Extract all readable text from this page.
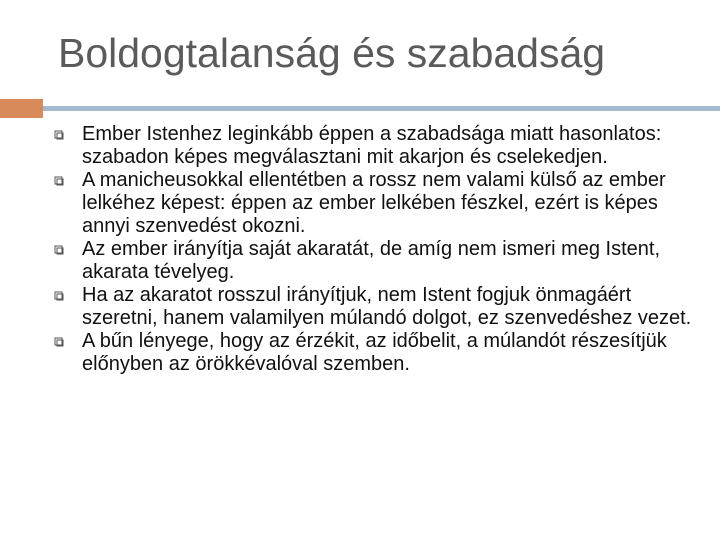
Boldogtalanság és szabadság
Ember Istenhez leginkább éppen a szabadsága miatt hasonlatos: szabadon képes megválasztani mit akarjon és cselekedjen.
A manicheusokkal ellentétben a rossz nem valami külső az ember lelkéhez képest: éppen az ember lelkében fészkel, ezért is képes annyi szenvedést okozni.
Az ember irányítja saját akaratát, de amíg nem ismeri meg Istent, akarata tévelyeg.
Ha az akaratot rosszul irányítjuk, nem Istent fogjuk önmagáért szeretni, hanem valamilyen múlandó dolgot, ez szenvedéshez vezet.
A bűn lényege, hogy az érzékit, az időbelit, a múlandót részesítjük előnyben az örökkévalóval szemben.
